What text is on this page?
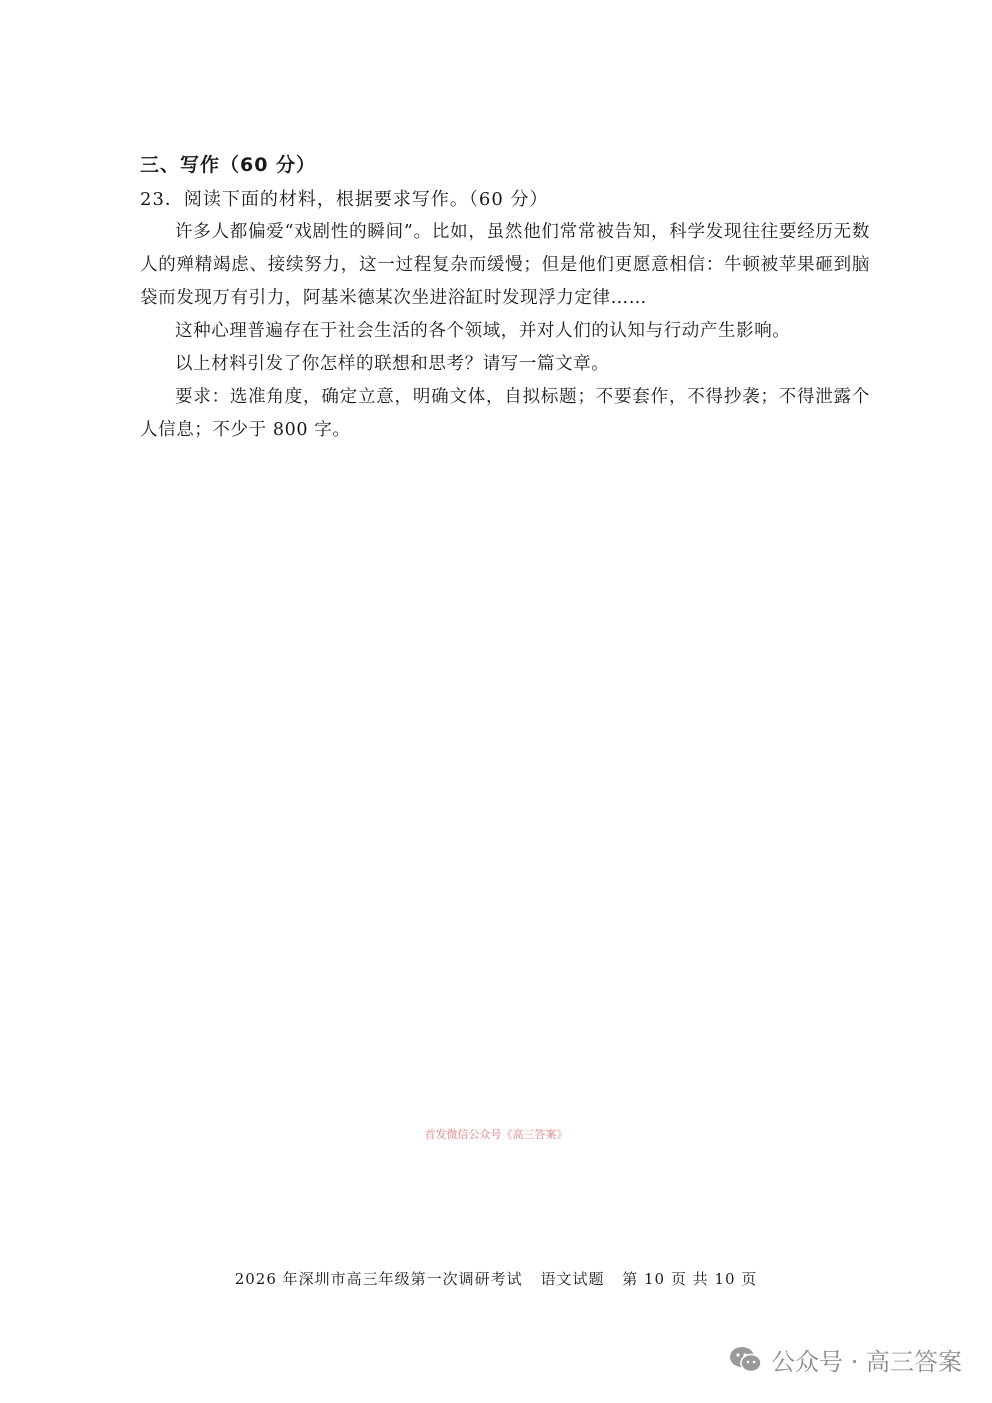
三、写作（60 分）
23．阅读下面的材料，根据要求写作。（60 分）

许多人都偏爱“戏剧性的瞬间”。比如，虽然他们常常被告知，科学发现往往要经历无数人的殚精竭虑、接续努力，这一过程复杂而缓慢；但是他们更愿意相信：牛顿被苹果砸到脑袋而发现万有引力，阿基米德某次坐进浴缸时发现浮力定律……

这种心理普遍存在于社会生活的各个领域，并对人们的认知与行动产生影响。

以上材料引发了你怎样的联想和思考？请写一篇文章。

要求：选准角度，确定立意，明确文体，自拟标题；不要套作，不得抄袭；不得泄露个人信息；不少于 800 字。

首发微信公众号《高三答案》
2026 年深圳市高三年级第一次调研考试 语文试题 第 10 页 共 10 页
公众号 · 高三答案
